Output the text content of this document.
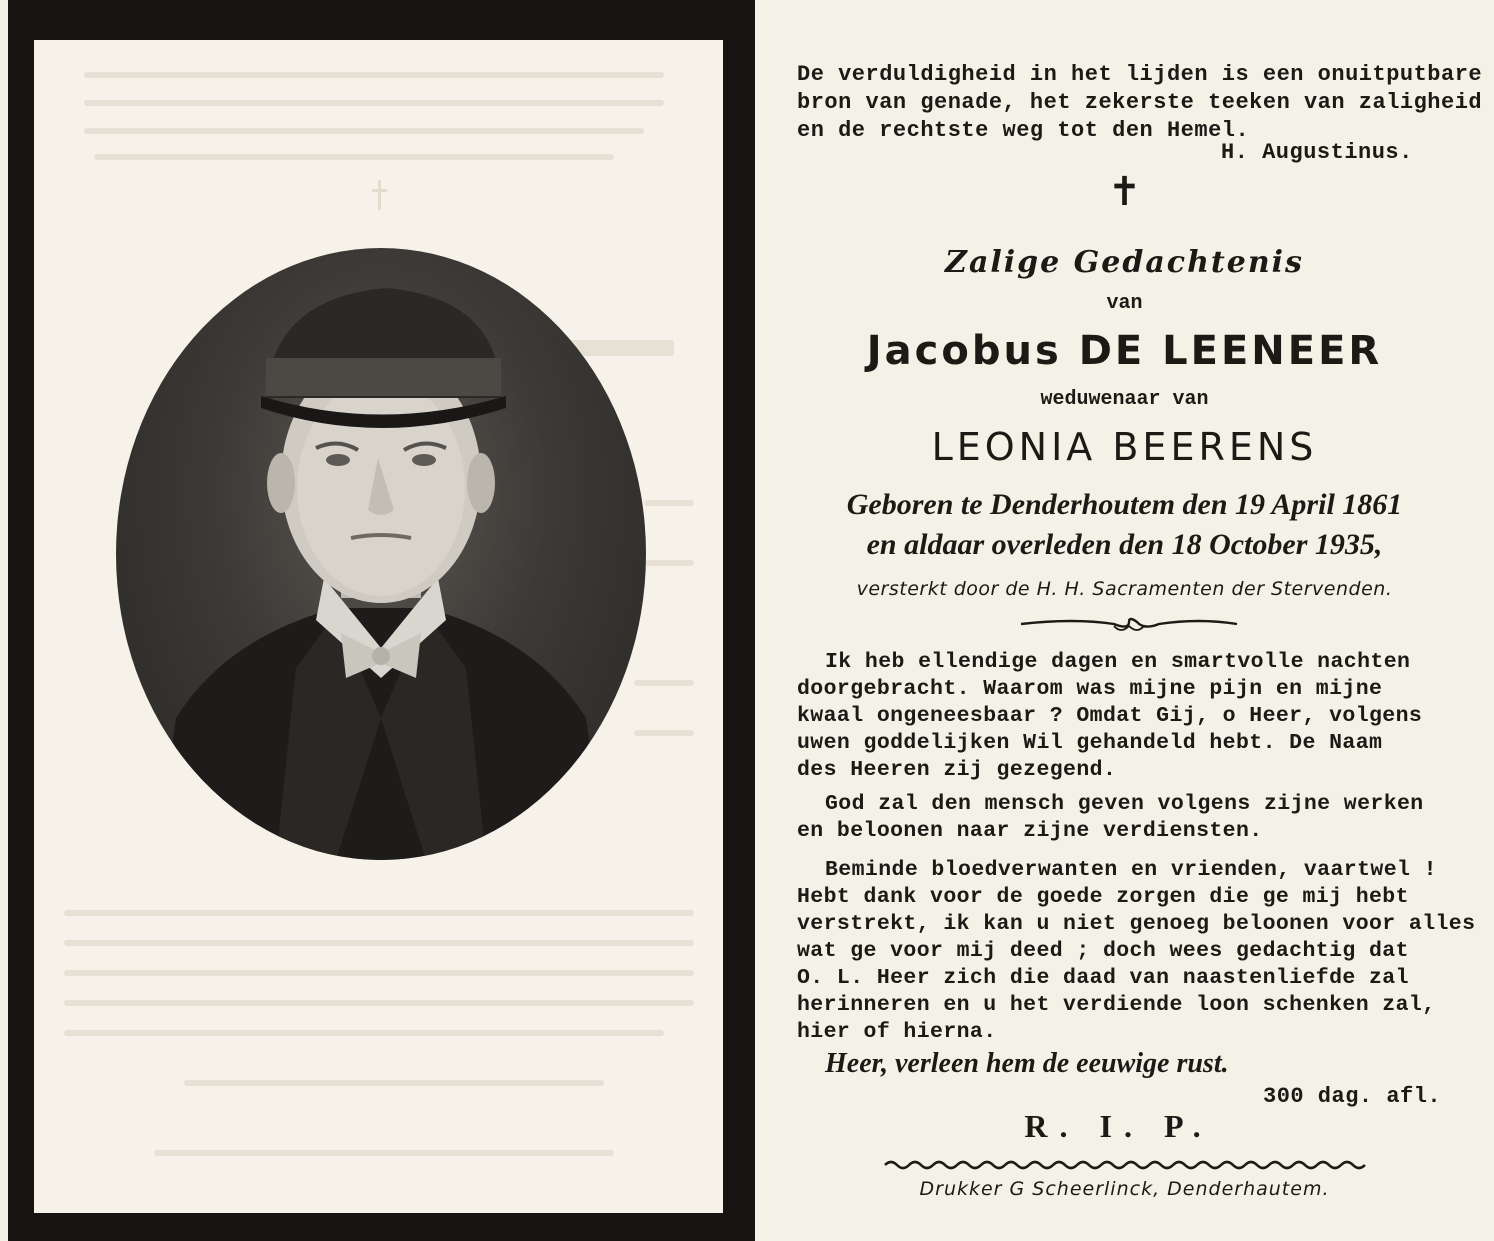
De verduldigheid in het lijden is een onuitputbare
bron van genade, het zekerste teeken van zaligheid
en de rechtste weg tot den Hemel.
H. Augustinus.
✝
Zalige Gedachtenis
van
Jacobus DE LEENEER
weduwenaar van
LEONIA BEERENS
Geboren te Denderhoutem den 19 April 1861
en aldaar overleden den 18 October 1935,
versterkt door de H. H. Sacramenten der Stervenden.
Ik heb ellendige dagen en smartvolle nachten
doorgebracht. Waarom was mijne pijn en mijne
kwaal ongeneesbaar ? Omdat Gij, o Heer, volgens
uwen goddelijken Wil gehandeld hebt. De Naam
des Heeren zij gezegend.
God zal den mensch geven volgens zijne werken
en beloonen naar zijne verdiensten.
Beminde bloedverwanten en vrienden, vaartwel !
Hebt dank voor de goede zorgen die ge mij hebt
verstrekt, ik kan u niet genoeg beloonen voor alles
wat ge voor mij deed ; doch wees gedachtig dat
O. L. Heer zich die daad van naastenliefde zal
herinneren en u het verdiende loon schenken zal,
hier of hierna.
Heer, verleen hem de eeuwige rust.
300 dag. afl.
R. I. P.
Drukker G Scheerlinck, Denderhautem.
